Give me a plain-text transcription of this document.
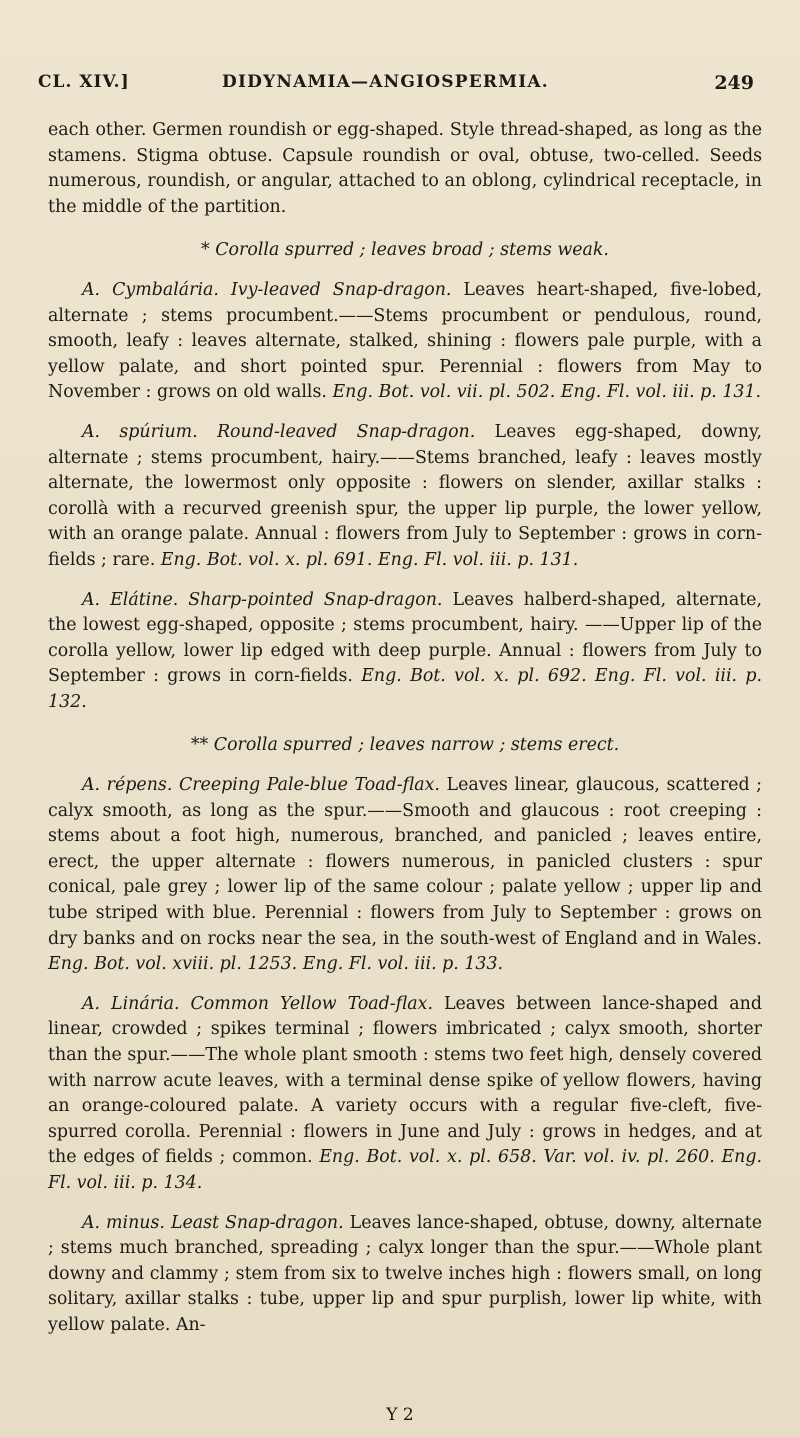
CL. XIV.]	DIDYNAMIA—ANGIOSPERMIA.	249

each other. Germen roundish or egg-shaped. Style thread-shaped, as long as the stamens. Stigma obtuse. Capsule roundish or oval, obtuse, two-celled. Seeds numerous, roundish, or angular, attached to an oblong, cylindrical receptacle, in the middle of the partition.

* Corolla spurred ; leaves broad ; stems weak.

A. Cymbalária. Ivy-leaved Snap-dragon. Leaves heart-shaped, five-lobed, alternate ; stems procumbent.——Stems procumbent or pendulous, round, smooth, leafy : leaves alternate, stalked, shining : flowers pale purple, with a yellow palate, and short pointed spur. Perennial : flowers from May to November : grows on old walls. Eng. Bot. vol. vii. pl. 502. Eng. Fl. vol. iii. p. 131.

A. spúrium. Round-leaved Snap-dragon. Leaves egg-shaped, downy, alternate ; stems procumbent, hairy.——Stems branched, leafy : leaves mostly alternate, the lowermost only opposite : flowers on slender, axillar stalks : corollà with a recurved greenish spur, the upper lip purple, the lower yellow, with an orange palate. Annual : flowers from July to September : grows in corn-fields ; rare. Eng. Bot. vol. x. pl. 691. Eng. Fl. vol. iii. p. 131.

A. Elátine. Sharp-pointed Snap-dragon. Leaves halberd-shaped, alternate, the lowest egg-shaped, opposite ; stems procumbent, hairy. ——Upper lip of the corolla yellow, lower lip edged with deep purple. Annual : flowers from July to September : grows in corn-fields. Eng. Bot. vol. x. pl. 692. Eng. Fl. vol. iii. p. 132.

** Corolla spurred ; leaves narrow ; stems erect.

A. répens. Creeping Pale-blue Toad-flax. Leaves linear, glaucous, scattered ; calyx smooth, as long as the spur.——Smooth and glaucous : root creeping : stems about a foot high, numerous, branched, and panicled ; leaves entire, erect, the upper alternate : flowers numerous, in panicled clusters : spur conical, pale grey ; lower lip of the same colour ; palate yellow ; upper lip and tube striped with blue. Perennial : flowers from July to September : grows on dry banks and on rocks near the sea, in the south-west of England and in Wales. Eng. Bot. vol. xviii. pl. 1253. Eng. Fl. vol. iii. p. 133.

A. Linária. Common Yellow Toad-flax. Leaves between lance-shaped and linear, crowded ; spikes terminal ; flowers imbricated ; calyx smooth, shorter than the spur.——The whole plant smooth : stems two feet high, densely covered with narrow acute leaves, with a terminal dense spike of yellow flowers, having an orange-coloured palate. A variety occurs with a regular five-cleft, five-spurred corolla. Perennial : flowers in June and July : grows in hedges, and at the edges of fields ; common. Eng. Bot. vol. x. pl. 658. Var. vol. iv. pl. 260. Eng. Fl. vol. iii. p. 134.

A. minus. Least Snap-dragon. Leaves lance-shaped, obtuse, downy, alternate ; stems much branched, spreading ; calyx longer than the spur.——Whole plant downy and clammy ; stem from six to twelve inches high : flowers small, on long solitary, axillar stalks : tube, upper lip and spur purplish, lower lip white, with yellow palate. An-

Y 2
